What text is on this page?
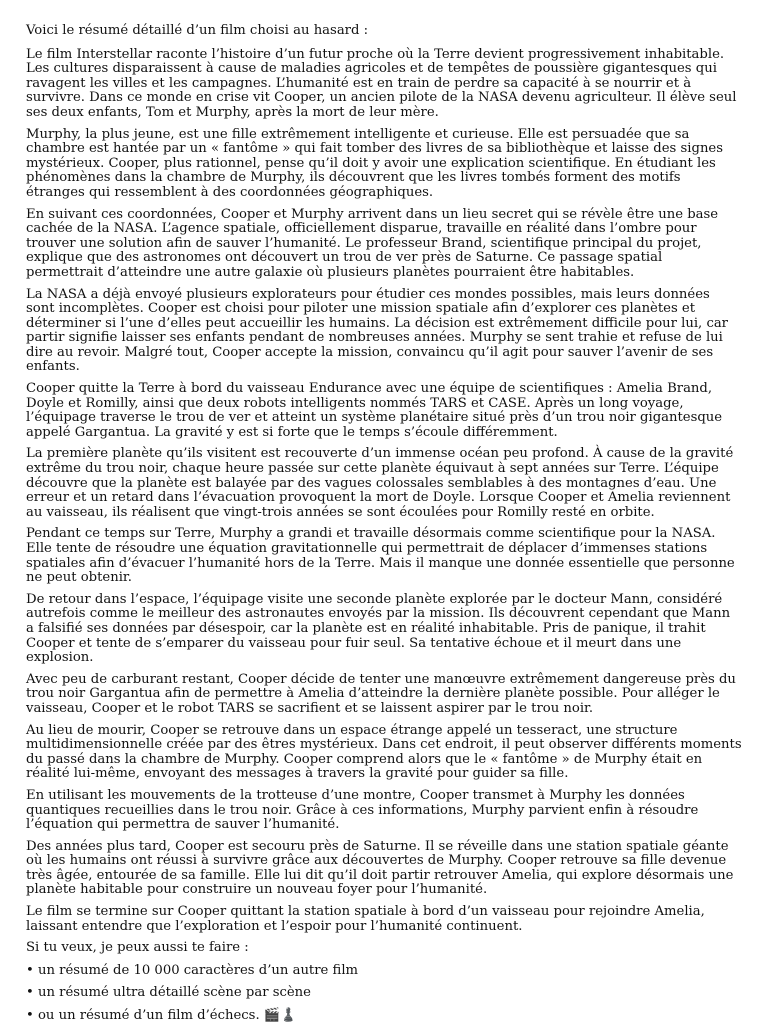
Voici le résumé détaillé d’un film choisi au hasard :

Le film Interstellar raconte l’histoire d’un futur proche où la Terre devient progressivement inhabitable. Les cultures disparaissent à cause de maladies agricoles et de tempêtes de poussière gigantesques qui ravagent les villes et les campagnes. L’humanité est en train de perdre sa capacité à se nourrir et à survivre. Dans ce monde en crise vit Cooper, un ancien pilote de la NASA devenu agriculteur. Il élève seul ses deux enfants, Tom et Murphy, après la mort de leur mère.

Murphy, la plus jeune, est une fille extrêmement intelligente et curieuse. Elle est persuadée que sa chambre est hantée par un « fantôme » qui fait tomber des livres de sa bibliothèque et laisse des signes mystérieux. Cooper, plus rationnel, pense qu’il doit y avoir une explication scientifique. En étudiant les phénomènes dans la chambre de Murphy, ils découvrent que les livres tombés forment des motifs étranges qui ressemblent à des coordonnées géographiques.

En suivant ces coordonnées, Cooper et Murphy arrivent dans un lieu secret qui se révèle être une base cachée de la NASA. L’agence spatiale, officiellement disparue, travaille en réalité dans l’ombre pour trouver une solution afin de sauver l’humanité. Le professeur Brand, scientifique principal du projet, explique que des astronomes ont découvert un trou de ver près de Saturne. Ce passage spatial permettrait d’atteindre une autre galaxie où plusieurs planètes pourraient être habitables.

La NASA a déjà envoyé plusieurs explorateurs pour étudier ces mondes possibles, mais leurs données sont incomplètes. Cooper est choisi pour piloter une mission spatiale afin d’explorer ces planètes et déterminer si l’une d’elles peut accueillir les humains. La décision est extrêmement difficile pour lui, car partir signifie laisser ses enfants pendant de nombreuses années. Murphy se sent trahie et refuse de lui dire au revoir. Malgré tout, Cooper accepte la mission, convaincu qu’il agit pour sauver l’avenir de ses enfants.

Cooper quitte la Terre à bord du vaisseau Endurance avec une équipe de scientifiques : Amelia Brand, Doyle et Romilly, ainsi que deux robots intelligents nommés TARS et CASE. Après un long voyage, l’équipage traverse le trou de ver et atteint un système planétaire situé près d’un trou noir gigantesque appelé Gargantua. La gravité y est si forte que le temps s’écoule différemment.

La première planète qu’ils visitent est recouverte d’un immense océan peu profond. À cause de la gravité extrême du trou noir, chaque heure passée sur cette planète équivaut à sept années sur Terre. L’équipe découvre que la planète est balayée par des vagues colossales semblables à des montagnes d’eau. Une erreur et un retard dans l’évacuation provoquent la mort de Doyle. Lorsque Cooper et Amelia reviennent au vaisseau, ils réalisent que vingt-trois années se sont écoulées pour Romilly resté en orbite.

Pendant ce temps sur Terre, Murphy a grandi et travaille désormais comme scientifique pour la NASA. Elle tente de résoudre une équation gravitationnelle qui permettrait de déplacer d’immenses stations spatiales afin d’évacuer l’humanité hors de la Terre. Mais il manque une donnée essentielle que personne ne peut obtenir.

De retour dans l’espace, l’équipage visite une seconde planète explorée par le docteur Mann, considéré autrefois comme le meilleur des astronautes envoyés par la mission. Ils découvrent cependant que Mann a falsifié ses données par désespoir, car la planète est en réalité inhabitable. Pris de panique, il trahit Cooper et tente de s’emparer du vaisseau pour fuir seul. Sa tentative échoue et il meurt dans une explosion.

Avec peu de carburant restant, Cooper décide de tenter une manœuvre extrêmement dangereuse près du trou noir Gargantua afin de permettre à Amelia d’atteindre la dernière planète possible. Pour alléger le vaisseau, Cooper et le robot TARS se sacrifient et se laissent aspirer par le trou noir.

Au lieu de mourir, Cooper se retrouve dans un espace étrange appelé un tesseract, une structure multidimensionnelle créée par des êtres mystérieux. Dans cet endroit, il peut observer différents moments du passé dans la chambre de Murphy. Cooper comprend alors que le « fantôme » de Murphy était en réalité lui-même, envoyant des messages à travers la gravité pour guider sa fille.

En utilisant les mouvements de la trotteuse d’une montre, Cooper transmet à Murphy les données quantiques recueillies dans le trou noir. Grâce à ces informations, Murphy parvient enfin à résoudre l’équation qui permettra de sauver l’humanité.

Des années plus tard, Cooper est secouru près de Saturne. Il se réveille dans une station spatiale géante où les humains ont réussi à survivre grâce aux découvertes de Murphy. Cooper retrouve sa fille devenue très âgée, entourée de sa famille. Elle lui dit qu’il doit partir retrouver Amelia, qui explore désormais une planète habitable pour construire un nouveau foyer pour l’humanité.

Le film se termine sur Cooper quittant la station spatiale à bord d’un vaisseau pour rejoindre Amelia, laissant entendre que l’exploration et l’espoir pour l’humanité continuent.

Si tu veux, je peux aussi te faire :

• un résumé de 10 000 caractères d’un autre film

• un résumé ultra détaillé scène par scène

• ou un résumé d’un film d’échecs. 🎬♟️
